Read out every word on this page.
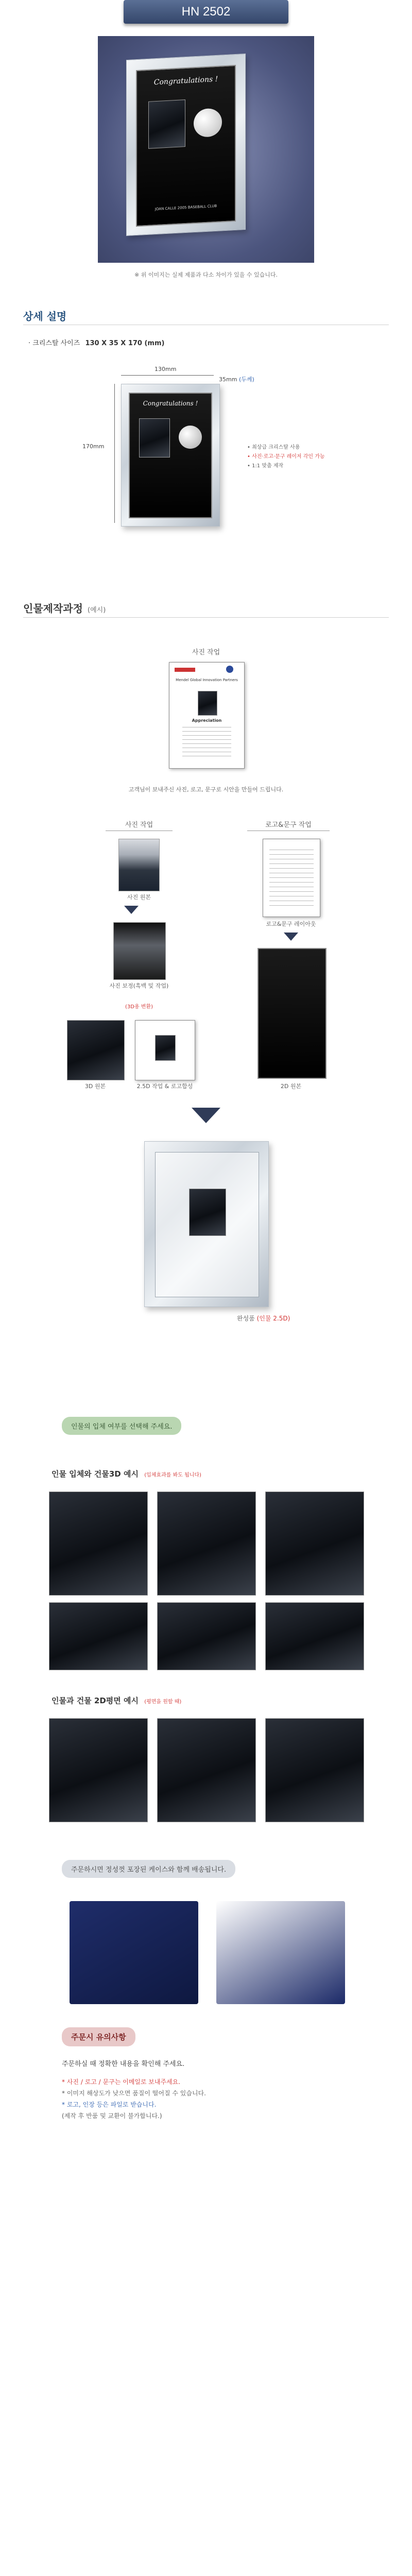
HN 2502
Congratulations !
JOAN CALLE 2005 BASEBALL CLUB
※ 위 이미지는 실제 제품과 다소 차이가 있을 수 있습니다.
상세 설명
· 크리스탈 사이즈 130 X 35 X 170 (mm)
130mm
35mm (두께)
170mm
Congratulations !
• 최상급 크리스탈 사용
• 사진·로고·문구 레이저 각인 가능
• 1:1 맞춤 제작
인물제작과정 (예시)
사진 작업
Mendel Global Innovation Partners
Appreciation
고객님이 보내주신 사진, 로고, 문구로 시안을 만들어 드립니다.
사진 작업	로고&문구 작업
사진 원본
사진 보정(흑백 및 작업)
(3D용 변환)
3D 원본	2.5D 작업 & 로고합성
로고&문구 레이아웃
2D 원본
완성품 (인물 2.5D)
인물의 입체 여부를 선택해 주세요.
인물 입체와 건물3D 예시 (입체효과를 봐도 됩니다)
인물과 건물 2D평면 예시 (평면을 원할 때)
주문하시면 정성껏 포장된 케이스와 함께 배송됩니다.
주문시 유의사항
주문하실 때 정확한 내용을 확인해 주세요.
* 사진 / 로고 / 문구는 이메일로 보내주세요.
* 이미지 해상도가 낮으면 품질이 떨어질 수 있습니다.
* 로고, 인장 등은 파일로 받습니다.
(제작 후 반품 및 교환이 불가합니다.)
